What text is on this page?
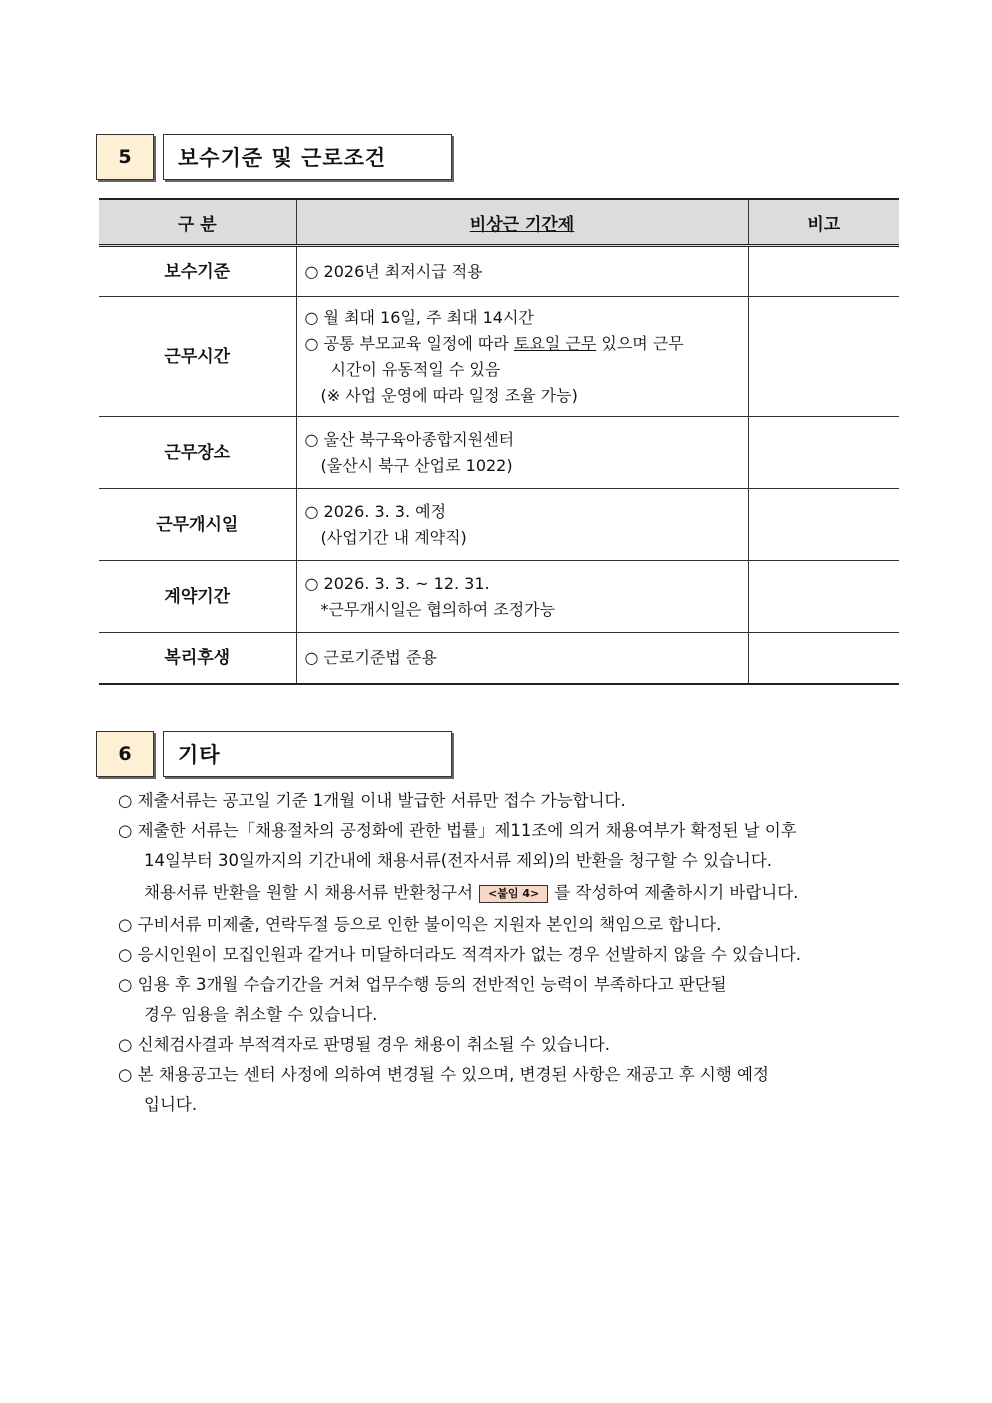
5	보수기준 및 근로조건
구 분	비상근 기간제	비고
보수기준	○ 2026년 최저시급 적용	

근무시간	○ 월 최대 16일, 주 최대 14시간
○ 공통 부모교육 일정에 따라 토요일 근무 있으며 근무
시간이 유동적일 수 있음
(※ 사업 운영에 따라 일정 조율 가능)	

근무장소	○ 울산 북구육아종합지원센터
(울산시 북구 산업로 1022)	

근무개시일	○ 2026. 3. 3. 예정
(사업기간 내 계약직)	

계약기간	○ 2026. 3. 3. ~ 12. 31.
*근무개시일은 협의하여 조정가능	

복리후생	○ 근로기준법 준용	

6	기타
○ 제출서류는 공고일 기준 1개월 이내 발급한 서류만 접수 가능합니다.
○ 제출한 서류는「채용절차의 공정화에 관한 법률」제11조에 의거 채용여부가 확정된 날 이후
14일부터 30일까지의 기간내에 채용서류(전자서류 제외)의 반환을 청구할 수 있습니다.
채용서류 반환을 원할 시 채용서류 반환청구서 <붙임 4> 를 작성하여 제출하시기 바랍니다.
○ 구비서류 미제출, 연락두절 등으로 인한 불이익은 지원자 본인의 책임으로 합니다.
○ 응시인원이 모집인원과 같거나 미달하더라도 적격자가 없는 경우 선발하지 않을 수 있습니다.
○ 임용 후 3개월 수습기간을 거쳐 업무수행 등의 전반적인 능력이 부족하다고 판단될
경우 임용을 취소할 수 있습니다.
○ 신체검사결과 부적격자로 판명될 경우 채용이 취소될 수 있습니다.
○ 본 채용공고는 센터 사정에 의하여 변경될 수 있으며, 변경된 사항은 재공고 후 시행 예정
입니다.
